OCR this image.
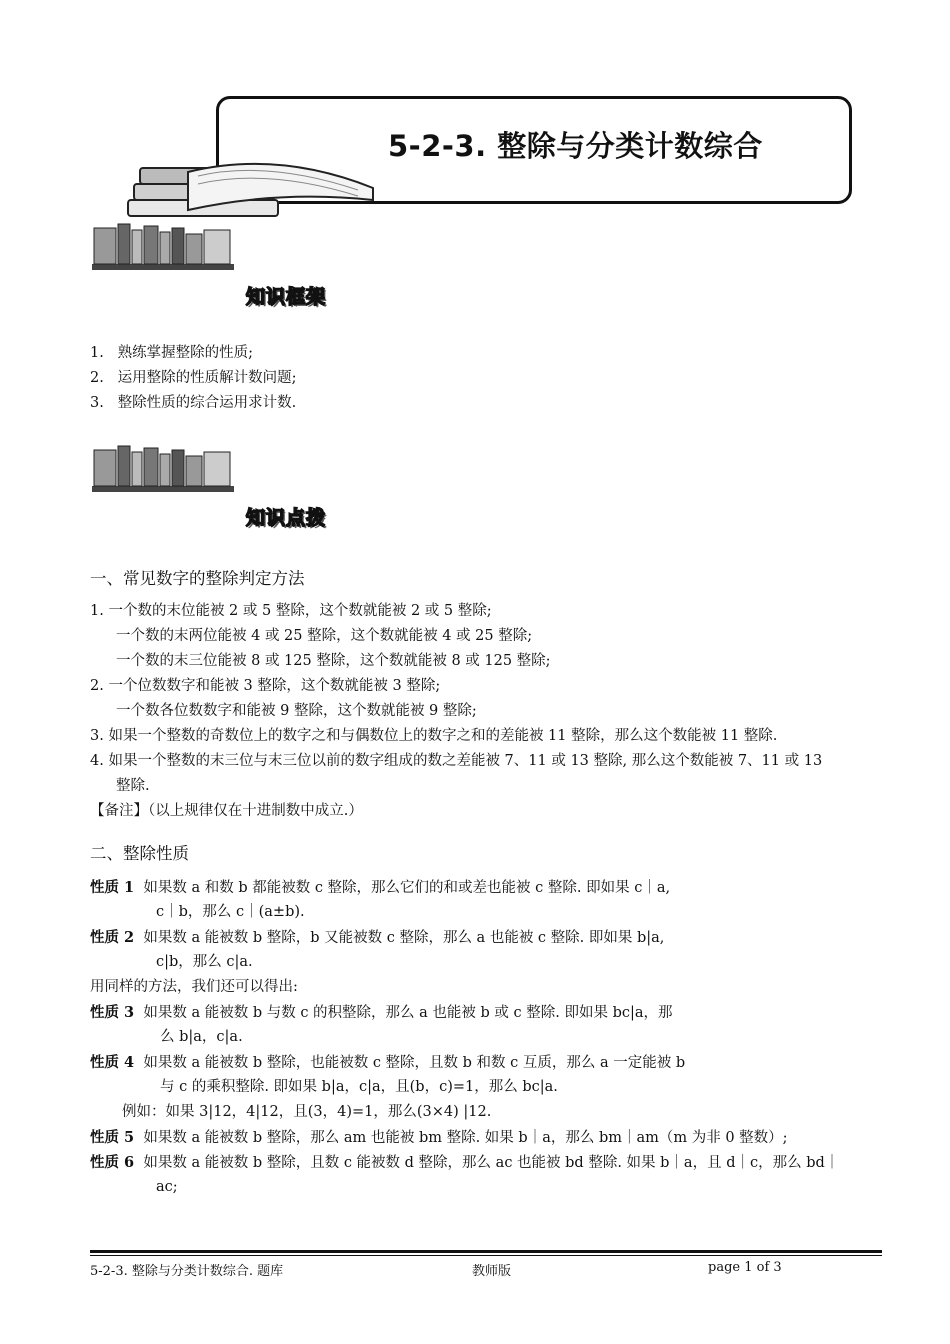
5-2-3. 整除与分类计数综合
知识框架
1.   熟练掌握整除的性质;
2.   运用整除的性质解计数问题;
3.   整除性质的综合运用求计数.
知识点拨
一、常见数字的整除判定方法
1. 一个数的末位能被 2 或 5 整除，这个数就能被 2 或 5 整除;
一个数的末两位能被 4 或 25 整除，这个数就能被 4 或 25 整除;
一个数的末三位能被 8 或 125 整除，这个数就能被 8 或 125 整除;
2. 一个位数数字和能被 3 整除，这个数就能被 3 整除;
一个数各位数数字和能被 9 整除，这个数就能被 9 整除;
3. 如果一个整数的奇数位上的数字之和与偶数位上的数字之和的差能被 11 整除，那么这个数能被 11 整除.
4. 如果一个整数的末三位与末三位以前的数字组成的数之差能被 7、11 或 13 整除, 那么这个数能被 7、11 或 13
整除.
【备注】（以上规律仅在十进制数中成立.）
二、整除性质
性质 1 如果数 a 和数 b 都能被数 c 整除，那么它们的和或差也能被 c 整除. 即如果 c｜a,
c｜b，那么 c｜(a±b).
性质 2 如果数 a 能被数 b 整除，b 又能被数 c 整除，那么 a 也能被 c 整除. 即如果 b|a,
c|b，那么 c|a.
用同样的方法，我们还可以得出:
性质 3 如果数 a 能被数 b 与数 c 的积整除，那么 a 也能被 b 或 c 整除. 即如果 bc|a，那
么 b|a，c|a.
性质 4 如果数 a 能被数 b 整除，也能被数 c 整除，且数 b 和数 c 互质，那么 a 一定能被 b
与 c 的乘积整除. 即如果 b|a，c|a，且(b，c)=1，那么 bc|a.
例如：如果 3|12，4|12，且(3，4)=1，那么(3×4) |12.
性质 5 如果数 a 能被数 b 整除，那么 am 也能被 bm 整除. 如果 b｜a，那么 bm｜am（m 为非 0 整数）;
性质 6 如果数 a 能被数 b 整除，且数 c 能被数 d 整除，那么 ac 也能被 bd 整除. 如果 b｜a，且 d｜c，那么 bd｜
ac;
5-2-3. 整除与分类计数综合. 题库	教师版	page 1 of 3
